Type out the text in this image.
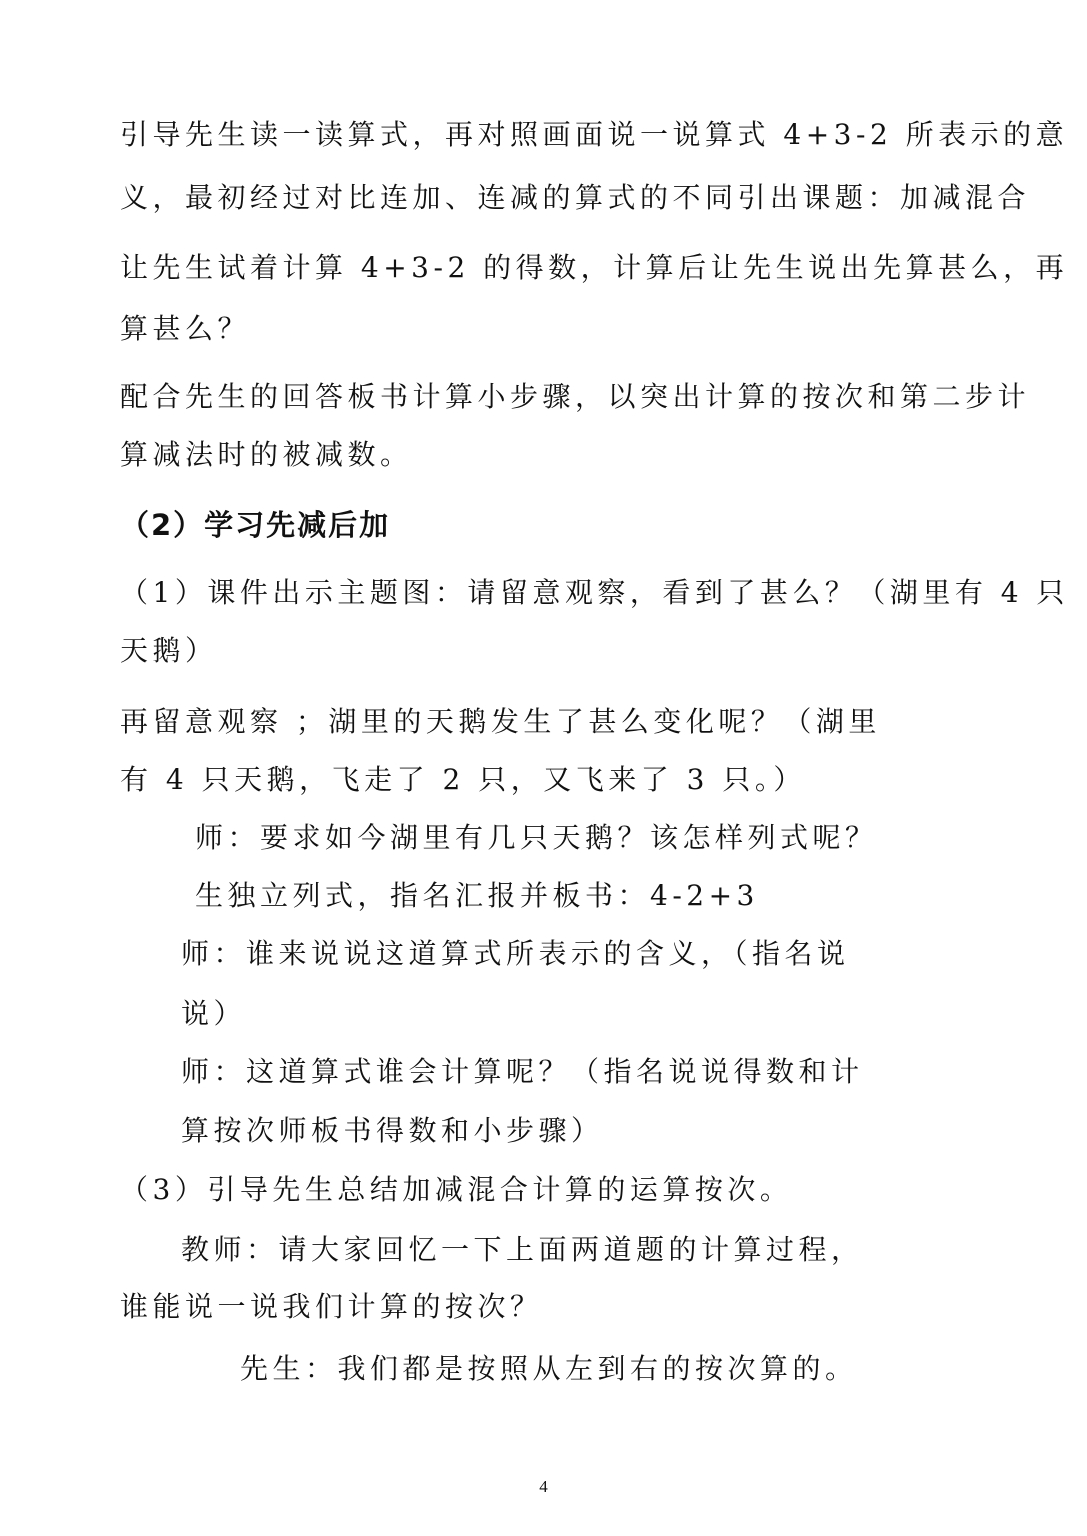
引导先生读一读算式，再对照画面说一说算式 4+3-2 所表示的意
义，最初经过对比连加、连减的算式的不同引出课题：加减混合
让先生试着计算 4+3-2 的得数，计算后让先生说出先算甚么，再
算甚么？
配合先生的回答板书计算小步骤，以突出计算的按次和第二步计
算减法时的被减数。
（2）学习先减后加
（1）课件出示主题图：请留意观察，看到了甚么？（湖里有 4 只
天鹅）
再留意观察 ；湖里的天鹅发生了甚么变化呢？（湖里
有 4 只天鹅，飞走了 2 只，又飞来了 3 只。）
师：要求如今湖里有几只天鹅？该怎样列式呢？
生独立列式，指名汇报并板书：4-2+3
师：谁来说说这道算式所表示的含义，（指名说
说）
师：这道算式谁会计算呢？（指名说说得数和计
算按次师板书得数和小步骤）
（3）引导先生总结加减混合计算的运算按次。
教师：请大家回忆一下上面两道题的计算过程，
谁能说一说我们计算的按次？
先生：我们都是按照从左到右的按次算的。
4
